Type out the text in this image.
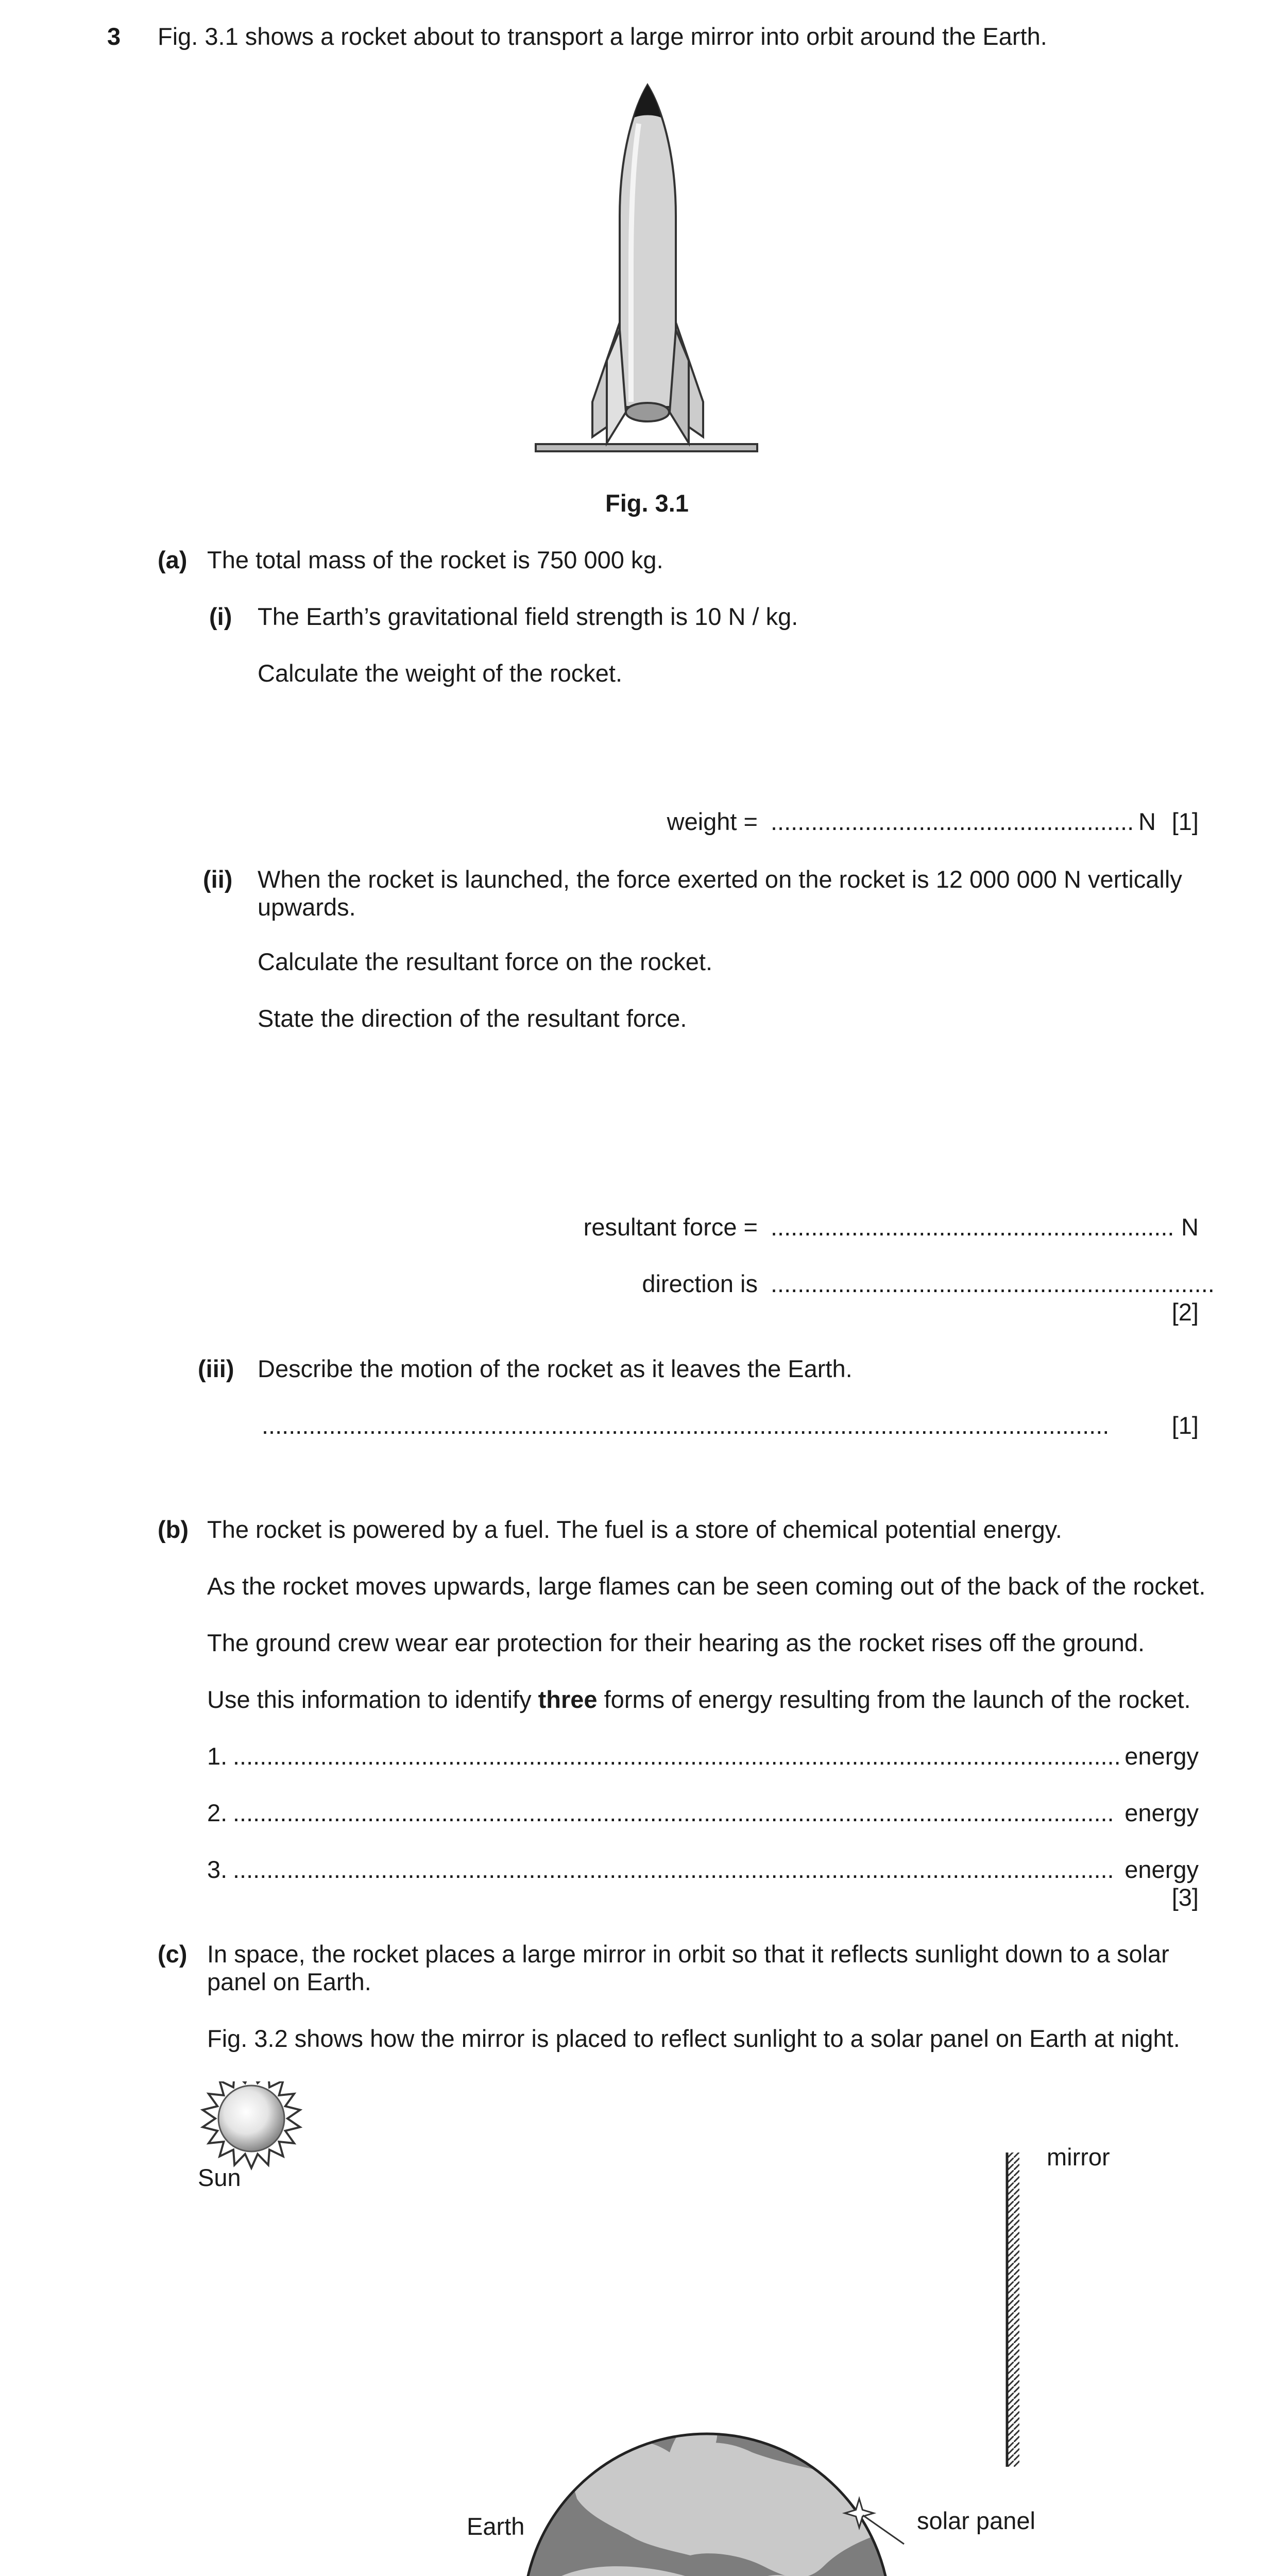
3 Fig. 3.1 shows a rocket about to transport a large mirror into orbit around the Earth.
Fig. 3.1
(a) The total mass of the rocket is 750 000 kg.
(i) The Earth’s gravitational field strength is 10 N / kg.
Calculate the weight of the rocket.
weight = ...................................................... N [1]
(ii) When the rocket is launched, the force exerted on the rocket is 12 000 000 N vertically
upwards.
Calculate the resultant force on the rocket.
State the direction of the resultant force.
resultant force = ............................................................ N
direction is ..................................................................
[2]
(iii) Describe the motion of the rocket as it leaves the Earth.
..............................................................................................................................	[1]
(b) The rocket is powered by a fuel. The fuel is a store of chemical potential energy.
As the rocket moves upwards, large flames can be seen coming out of the back of the rocket.
The ground crew wear ear protection for their hearing as the rocket rises off the ground.
Use this information to identify three forms of energy resulting from the launch of the rocket.
1. .................................................................................................................................... energy
2. ................................................................................................................................... energy
3. ................................................................................................................................... energy
[3]
(c) In space, the rocket places a large mirror in orbit so that it reflects sunlight down to a solar
panel on Earth.
Fig. 3.2 shows how the mirror is placed to reflect sunlight to a solar panel on Earth at night.
Sun
mirror
Earth	solar panel
